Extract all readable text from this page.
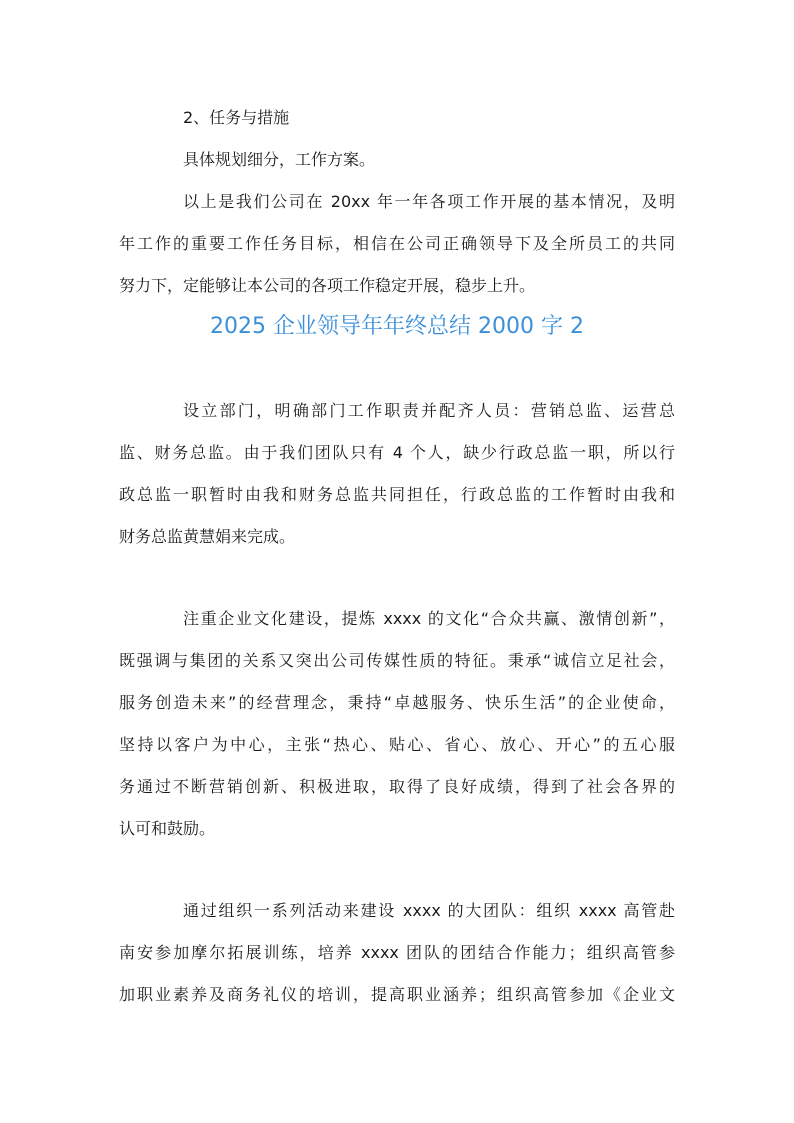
2、任务与措施
具体规划细分，工作方案。
以上是我们公司在 20xx 年一年各项工作开展的基本情况，及明
年工作的重要工作任务目标，相信在公司正确领导下及全所员工的共同
努力下，定能够让本公司的各项工作稳定开展，稳步上升。
2025 企业领导年年终总结 2000 字 2
设立部门，明确部门工作职责并配齐人员：营销总监、运营总
监、财务总监。由于我们团队只有 4 个人，缺少行政总监一职，所以行
政总监一职暂时由我和财务总监共同担任，行政总监的工作暂时由我和
财务总监黄慧娟来完成。
注重企业文化建设，提炼 xxxx 的文化“合众共赢、激情创新”，
既强调与集团的关系又突出公司传媒性质的特征。秉承“诚信立足社会，
服务创造未来”的经营理念，秉持“卓越服务、快乐生活”的企业使命，
坚持以客户为中心，主张“热心、贴心、省心、放心、开心”的五心服
务通过不断营销创新、积极进取，取得了良好成绩，得到了社会各界的
认可和鼓励。
通过组织一系列活动来建设 xxxx 的大团队：组织 xxxx 高管赴
南安参加摩尔拓展训练，培养 xxxx 团队的团结合作能力；组织高管参
加职业素养及商务礼仪的培训，提高职业涵养；组织高管参加《企业文
